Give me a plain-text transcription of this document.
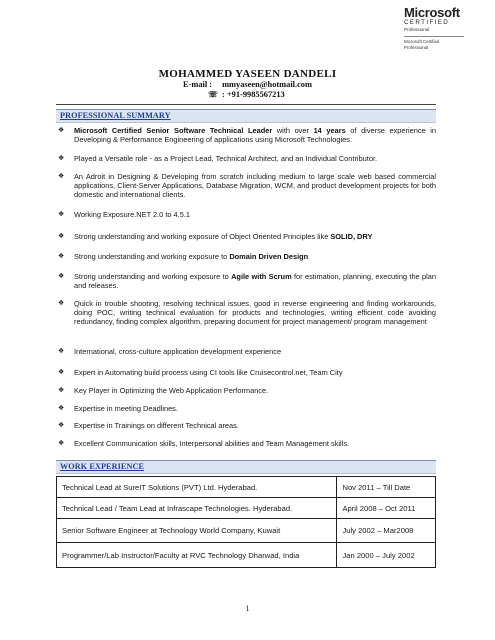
Microsoft
CERTIFIED
Professional
Microsoft Certified
Professional
MOHAMMED YASEEN DANDELI
E-mail : mmyaseen@hotmail.com
☏ : +91-9985567213
PROFESSIONAL SUMMARY
❖ Microsoft Certified Senior Software Technical Leader with over 14 years of diverse experience in Developing & Performance Engineering of applications using Microsoft Technologies.
❖ Played a Versatile role - as a Project Lead, Technical Architect, and an Individual Contributor.
❖ An Adroit in Designing & Developing from scratch including medium to large scale web based commercial applications, Client-Server Applications, Database Migration, WCM, and product development projects for both domestic and international clients.
❖ Working Exposure.NET 2.0 to 4.5.1
❖ Strong understanding and working exposure of Object Oriented Principles like SOLID, DRY
❖ Strong understanding and working exposure to Domain Driven Design
❖ Strong understanding and working exposure to Agile with Scrum for estimation, planning, executing the plan and releases.
❖ Quick in trouble shooting, resolving technical issues, good in reverse engineering and finding workarounds, doing POC, writing technical evaluation for products and technologies, writing efficient code avoiding redundancy, finding complex algorithm, preparing document for project management/ program management
❖ International, cross-culture application development experience
❖ Expert in Automating build process using CI tools like Cruisecontrol.net, Team City
❖ Key Player in Optimizing the Web Application Performance.
❖ Expertise in meeting Deadlines.
❖ Expertise in Trainings on different Technical areas.
❖ Excellent Communication skills, Interpersonal abilities and Team Management skills.
WORK EXPERIENCE
Technical Lead at SureIT Solutions (PVT) Ltd. Hyderabad.	Nov 2011 – Till Date
Technical Lead / Team Lead at Infrascape Technologies. Hyderabad.	April 2008 – Oct 2011
Senior Software Engineer at Technology World Company, Kuwait	July 2002 – Mar2008
Programmer/Lab Instructor/Faculty at RVC Technology Dharwad, India	Jan 2000 – July 2002
1
